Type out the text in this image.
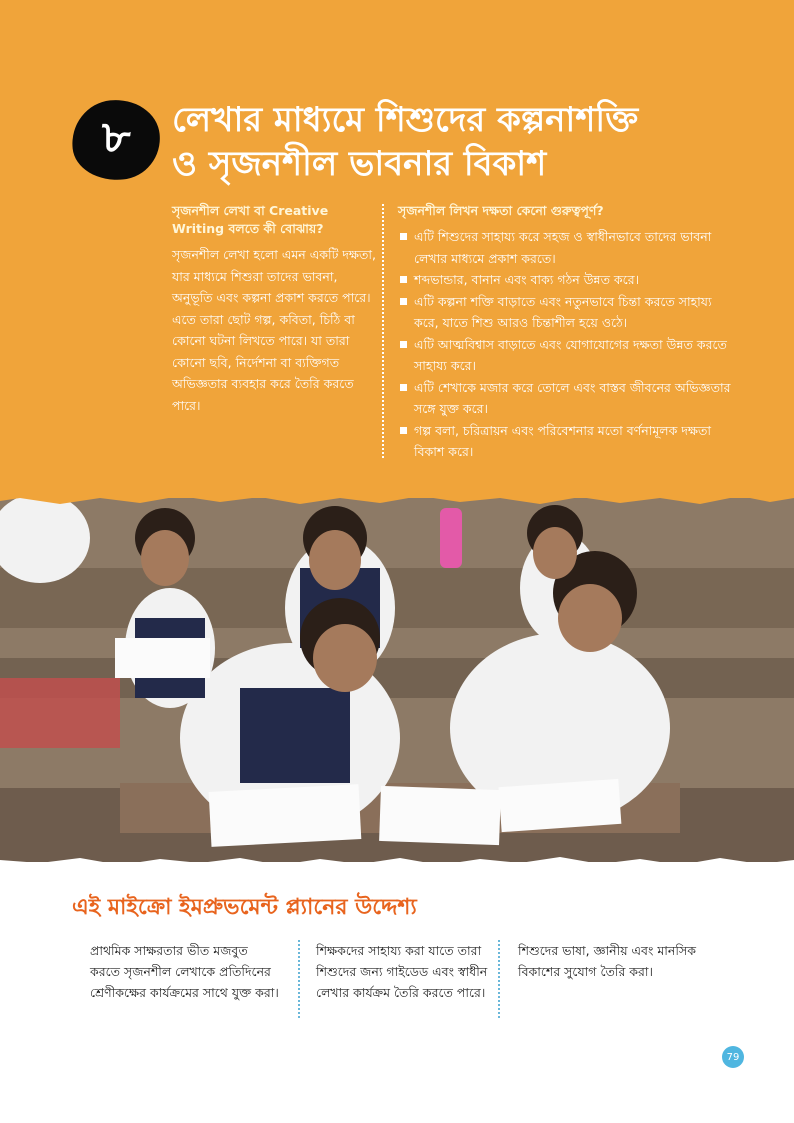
৮ লেখার মাধ্যমে শিশুদের কল্পনাশক্তি
ও সৃজনশীল ভাবনার বিকাশ

সৃজনশীল লেখা বা Creative Writing বলতে কী বোঝায়?

সৃজনশীল লেখা হলো এমন একটি দক্ষতা, যার মাধ্যমে শিশুরা তাদের ভাবনা, অনুভূতি এবং কল্পনা প্রকাশ করতে পারে। এতে তারা ছোট গল্প, কবিতা, চিঠি বা কোনো ঘটনা লিখতে পারে। যা তারা কোনো ছবি, নির্দেশনা বা ব্যক্তিগত অভিজ্ঞতার ব্যবহার করে তৈরি করতে পারে।

সৃজনশীল লিখন দক্ষতা কেনো গুরুত্বপূর্ণ?

এটি শিশুদের সাহায্য করে সহজ ও স্বাধীনভাবে তাদের ভাবনা লেখার মাধ্যমে প্রকাশ করতে।
শব্দভান্ডার, বানান এবং বাক্য গঠন উন্নত করে।
এটি কল্পনা শক্তি বাড়াতে এবং নতুনভাবে চিন্তা করতে সাহায্য করে, যাতে শিশু আরও চিন্তাশীল হয়ে ওঠে।
এটি আত্মবিশ্বাস বাড়াতে এবং যোগাযোগের দক্ষতা উন্নত করতে সাহায্য করে।
এটি শেখাকে মজার করে তোলে এবং বাস্তব জীবনের অভিজ্ঞতার সঙ্গে যুক্ত করে।
গল্প বলা, চরিত্রায়ন এবং পরিবেশনার মতো বর্ণনামূলক দক্ষতা বিকাশ করে।
এই মাইক্রো ইমপ্রুভমেন্ট প্ল্যানের উদ্দেশ্য

প্রাথমিক সাক্ষরতার ভীত মজবুত করতে সৃজনশীল লেখাকে প্রতিদিনের শ্রেণীকক্ষের কার্যক্রমের সাথে যুক্ত করা।

শিক্ষকদের সাহায্য করা যাতে তারা শিশুদের জন্য গাইডেড এবং স্বাধীন লেখার কার্যক্রম তৈরি করতে পারে।

শিশুদের ভাষা, জ্ঞানীয় এবং মানসিক বিকাশের সুযোগ তৈরি করা।

79
